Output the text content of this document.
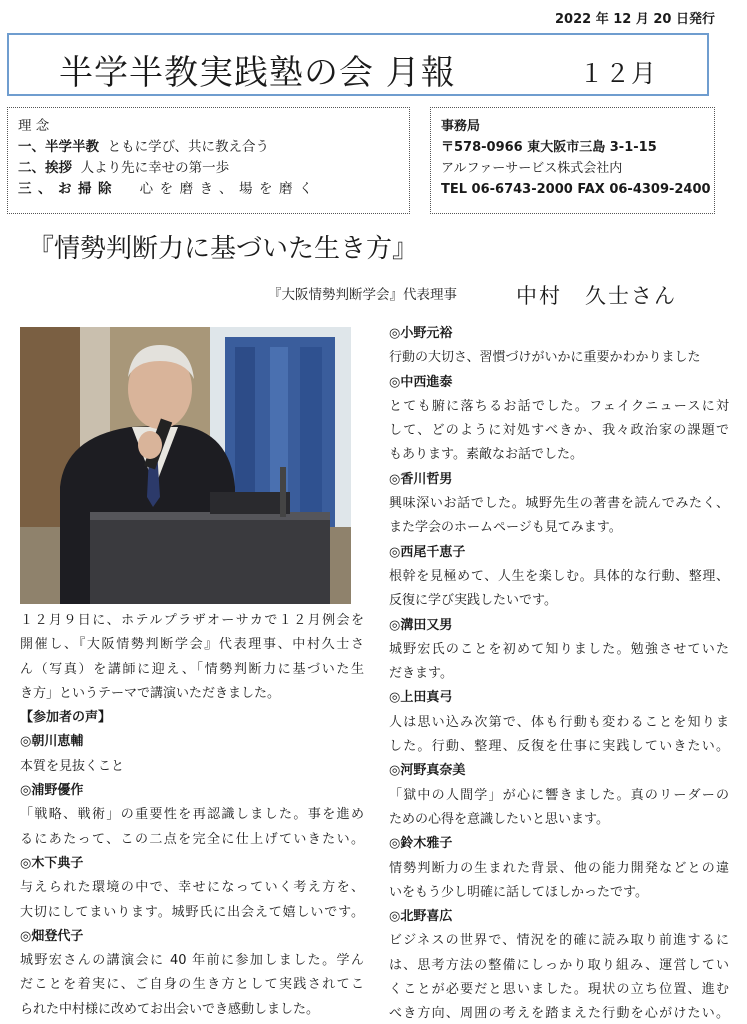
2022 年 12 月 20 日発行
半学半教実践塾の会 月報	１２月
理 念
一、半学半教 ともに学び、共に教え合う
二、挨拶 人より先に幸せの第一歩
三、お掃除 心を磨き、場を磨く
事務局
〒578-0966 東大阪市三島 3-1-15
アルファーサービス株式会社内
TEL 06-6743-2000 FAX 06-4309-2400
『情勢判断力に基づいた生き方』
『大阪情勢判断学会』代表理事	中村　久士さん
１２月９日に、ホテルプラザオーサカで１２月例会を
開催し、『大阪情勢判断学会』代表理事、中村久士さ
ん（写真）を講師に迎え、「情勢判断力に基づいた生
き方」というテーマで講演いただきました。
【参加者の声】
◎朝川恵輔
本質を見抜くこと
◎浦野優作
「戦略、戦術」の重要性を再認識しました。事を進め
るにあたって、この二点を完全に仕上げていきたい。
◎木下典子
与えられた環境の中で、幸せになっていく考え方を、
大切にしてまいります。城野氏に出会えて嬉しいです。
◎畑登代子
城野宏さんの講演会に 40 年前に参加しました。学ん
だことを着実に、ご自身の生き方として実践されてこ
られた中村様に改めてお出会いでき感動しました。
◎小野元裕
行動の大切さ、習慣づけがいかに重要かわかりました
◎中西進泰
とても腑に落ちるお話でした。フェイクニュースに対
して、どのように対処すべきか、我々政治家の課題で
もあります。素敵なお話でした。
◎香川哲男
興味深いお話でした。城野先生の著書を読んでみたく、
また学会のホームページも見てみます。
◎西尾千恵子
根幹を見極めて、人生を楽しむ。具体的な行動、整理、
反復に学び実践したいです。
◎溝田又男
城野宏氏のことを初めて知りました。勉強させていた
だきます。
◎上田真弓
人は思い込み次第で、体も行動も変わることを知りま
した。行動、整理、反復を仕事に実践していきたい。
◎河野真奈美
「獄中の人間学」が心に響きました。真のリーダーの
ための心得を意識したいと思います。
◎鈴木雅子
情勢判断力の生まれた背景、他の能力開発などとの違
いをもう少し明確に話してほしかったです。
◎北野喜広
ビジネスの世界で、情況を的確に読み取り前進するに
は、思考方法の整備にしっかり取り組み、運営してい
くことが必要だと思いました。現状の立ち位置、進む
べき方向、周囲の考えを踏まえた行動を心がけたい。
